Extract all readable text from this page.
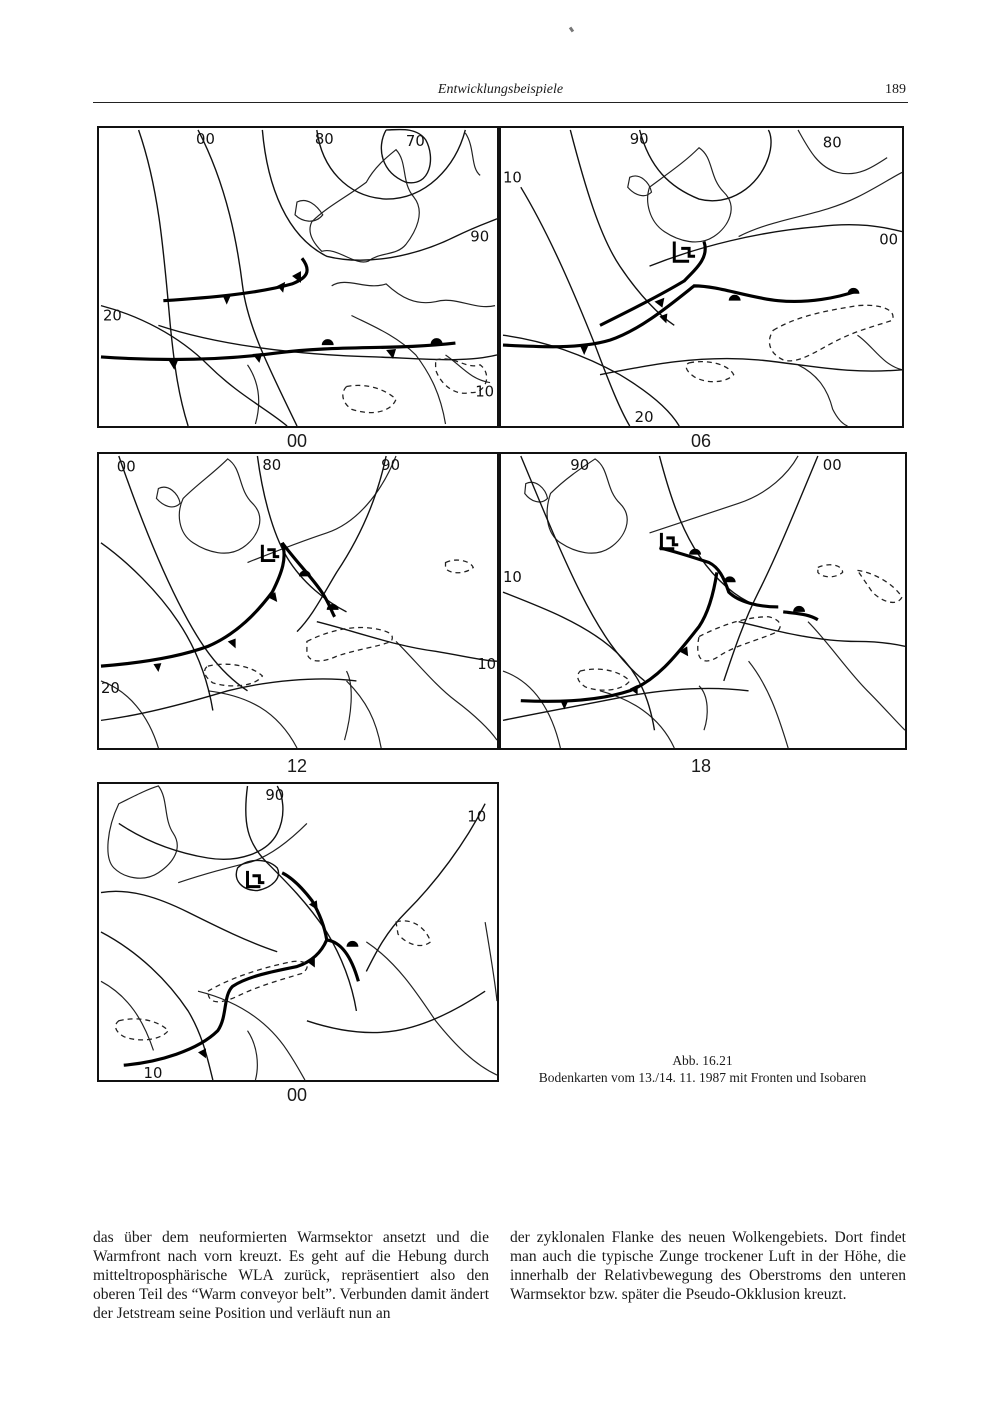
Entwicklungsbeispiele	189
00	80	70
90
20
10
00
10
90	80
00
20
06
00	80	90
10
20
12
90	00
10
18
90
10
10
00
Abb. 16.21
Bodenkarten vom 13./14. 11. 1987 mit Fronten und Isobaren

das über dem neuformierten Warmsektor ansetzt und die Warmfront nach vorn kreuzt. Es geht auf die Hebung durch mitteltroposphärische WLA zurück, repräsentiert also den oberen Teil des “Warm conveyor belt”. Verbunden damit ändert der Jetstream seine Position und verläuft nun an

der zyklonalen Flanke des neuen Wolkengebiets. Dort findet man auch die typische Zunge trockener Luft in der Höhe, die innerhalb der Relativbewegung des Oberstroms den unteren Warmsektor bzw. später die Pseudo-Okklusion kreuzt.
